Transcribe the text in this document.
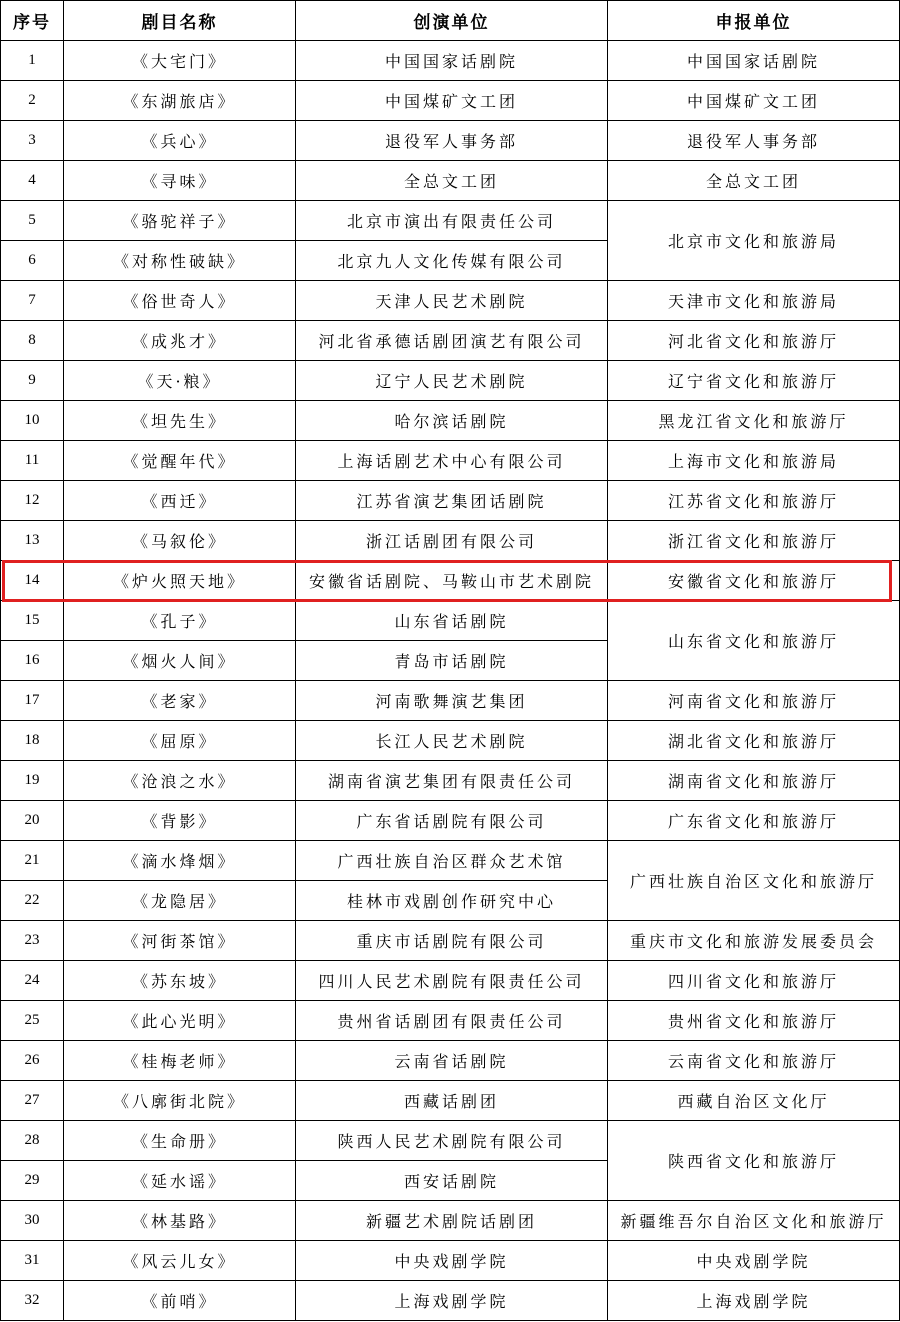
序号	剧目名称	创演单位	申报单位
1	《大宅门》	中国国家话剧院	中国国家话剧院
2	《东湖旅店》	中国煤矿文工团	中国煤矿文工团
3	《兵心》	退役军人事务部	退役军人事务部
4	《寻味》	全总文工团	全总文工团
5	《骆驼祥子》	北京市演出有限责任公司	北京市文化和旅游局
6	《对称性破缺》	北京九人文化传媒有限公司	
7	《俗世奇人》	天津人民艺术剧院	天津市文化和旅游局
8	《成兆才》	河北省承德话剧团演艺有限公司	河北省文化和旅游厅
9	《天·粮》	辽宁人民艺术剧院	辽宁省文化和旅游厅
10	《坦先生》	哈尔滨话剧院	黑龙江省文化和旅游厅
11	《觉醒年代》	上海话剧艺术中心有限公司	上海市文化和旅游局
12	《西迁》	江苏省演艺集团话剧院	江苏省文化和旅游厅
13	《马叙伦》	浙江话剧团有限公司	浙江省文化和旅游厅
14	《炉火照天地》	安徽省话剧院、马鞍山市艺术剧院	安徽省文化和旅游厅
15	《孔子》	山东省话剧院	山东省文化和旅游厅
16	《烟火人间》	青岛市话剧院	
17	《老家》	河南歌舞演艺集团	河南省文化和旅游厅
18	《屈原》	长江人民艺术剧院	湖北省文化和旅游厅
19	《沧浪之水》	湖南省演艺集团有限责任公司	湖南省文化和旅游厅
20	《背影》	广东省话剧院有限公司	广东省文化和旅游厅
21	《滴水烽烟》	广西壮族自治区群众艺术馆	广西壮族自治区文化和旅游厅
22	《龙隐居》	桂林市戏剧创作研究中心	
23	《河街茶馆》	重庆市话剧院有限公司	重庆市文化和旅游发展委员会
24	《苏东坡》	四川人民艺术剧院有限责任公司	四川省文化和旅游厅
25	《此心光明》	贵州省话剧团有限责任公司	贵州省文化和旅游厅
26	《桂梅老师》	云南省话剧院	云南省文化和旅游厅
27	《八廓街北院》	西藏话剧团	西藏自治区文化厅
28	《生命册》	陕西人民艺术剧院有限公司	陕西省文化和旅游厅
29	《延水谣》	西安话剧院	
30	《林基路》	新疆艺术剧院话剧团	新疆维吾尔自治区文化和旅游厅
31	《风云儿女》	中央戏剧学院	中央戏剧学院
32	《前哨》	上海戏剧学院	上海戏剧学院
